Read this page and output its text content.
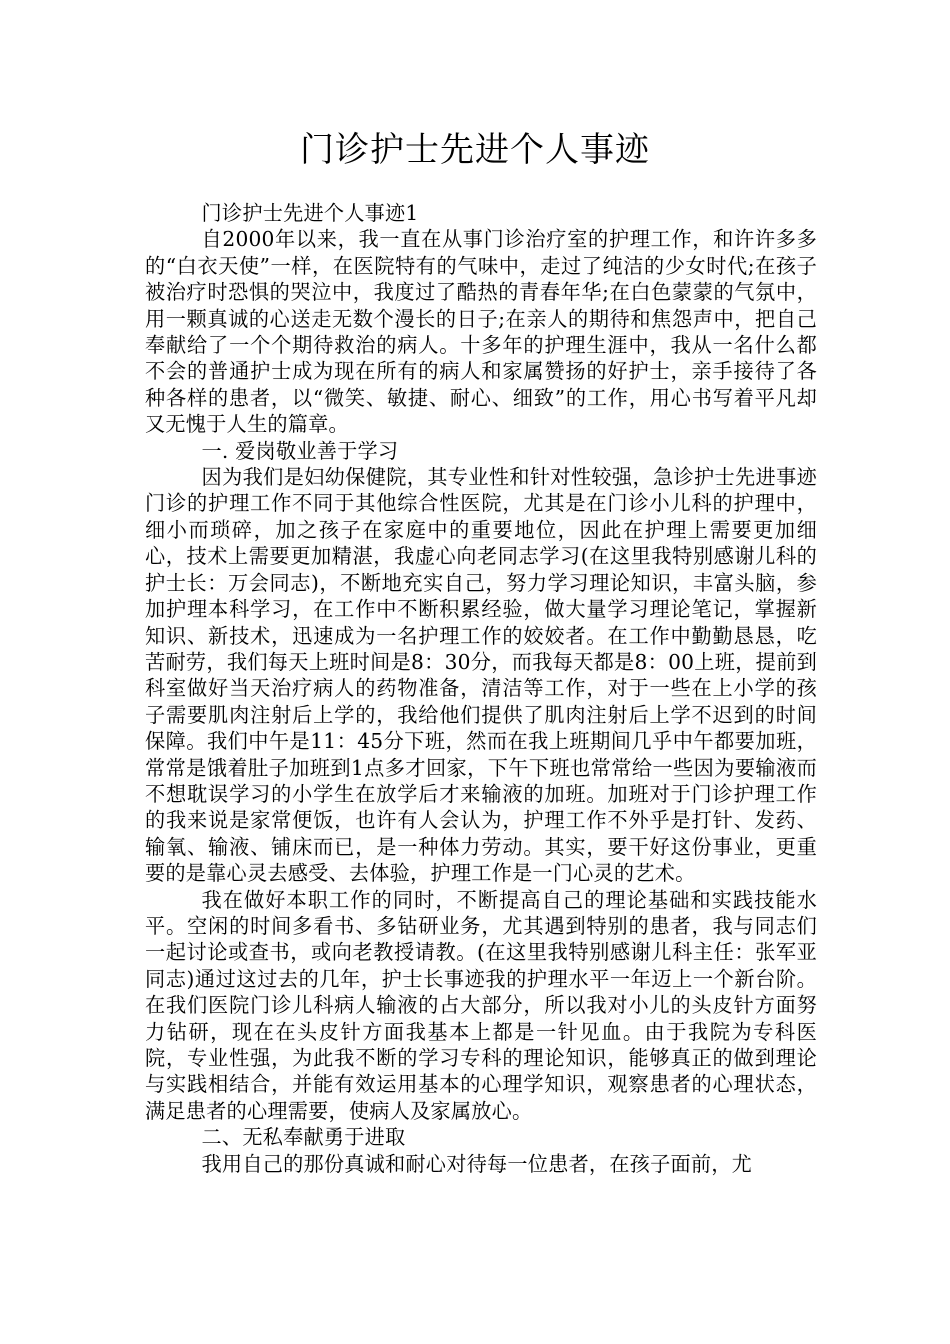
门诊护士先进个人事迹

门诊护士先进个人事迹1

自2000年以来，我一直在从事门诊治疗室的护理工作，和许许多多的“白衣天使”一样，在医院特有的气味中，走过了纯洁的少女时代;在孩子被治疗时恐惧的哭泣中，我度过了酷热的青春年华;在白色蒙蒙的气氛中，用一颗真诚的心送走无数个漫长的日子;在亲人的期待和焦怨声中，把自己奉献给了一个个期待救治的病人。十多年的护理生涯中，我从一名什么都不会的普通护士成为现在所有的病人和家属赞扬的好护士，亲手接待了各种各样的患者，以“微笑、敏捷、耐心、细致”的工作，用心书写着平凡却又无愧于人生的篇章。

一. 爱岗敬业善于学习

因为我们是妇幼保健院，其专业性和针对性较强，急诊护士先进事迹门诊的护理工作不同于其他综合性医院，尤其是在门诊小儿科的护理中，细小而琐碎，加之孩子在家庭中的重要地位，因此在护理上需要更加细心，技术上需要更加精湛，我虚心向老同志学习(在这里我特别感谢儿科的护士长：万会同志)，不断地充实自己，努力学习理论知识，丰富头脑，参加护理本科学习，在工作中不断积累经验，做大量学习理论笔记，掌握新知识、新技术，迅速成为一名护理工作的姣姣者。在工作中勤勤恳恳，吃苦耐劳，我们每天上班时间是8：30分，而我每天都是8：00上班，提前到科室做好当天治疗病人的药物准备，清洁等工作，对于一些在上小学的孩子需要肌肉注射后上学的，我给他们提供了肌肉注射后上学不迟到的时间保障。我们中午是11：45分下班，然而在我上班期间几乎中午都要加班，常常是饿着肚子加班到1点多才回家，下午下班也常常给一些因为要输液而不想耽误学习的小学生在放学后才来输液的加班。加班对于门诊护理工作的我来说是家常便饭，也许有人会认为，护理工作不外乎是打针、发药、输氧、输液、铺床而已，是一种体力劳动。其实，要干好这份事业，更重要的是靠心灵去感受、去体验，护理工作是一门心灵的艺术。

我在做好本职工作的同时，不断提高自己的理论基础和实践技能水平。空闲的时间多看书、多钻研业务，尤其遇到特别的患者，我与同志们一起讨论或查书，或向老教授请教。(在这里我特别感谢儿科主任：张军亚同志)通过这过去的几年，护士长事迹我的护理水平一年迈上一个新台阶。在我们医院门诊儿科病人输液的占大部分，所以我对小儿的头皮针方面努力钻研，现在在头皮针方面我基本上都是一针见血。由于我院为专科医院，专业性强，为此我不断的学习专科的理论知识，能够真正的做到理论与实践相结合，并能有效运用基本的心理学知识，观察患者的心理状态，满足患者的心理需要，使病人及家属放心。

二、无私奉献勇于进取

我用自己的那份真诚和耐心对待每一位患者，在孩子面前，尤
